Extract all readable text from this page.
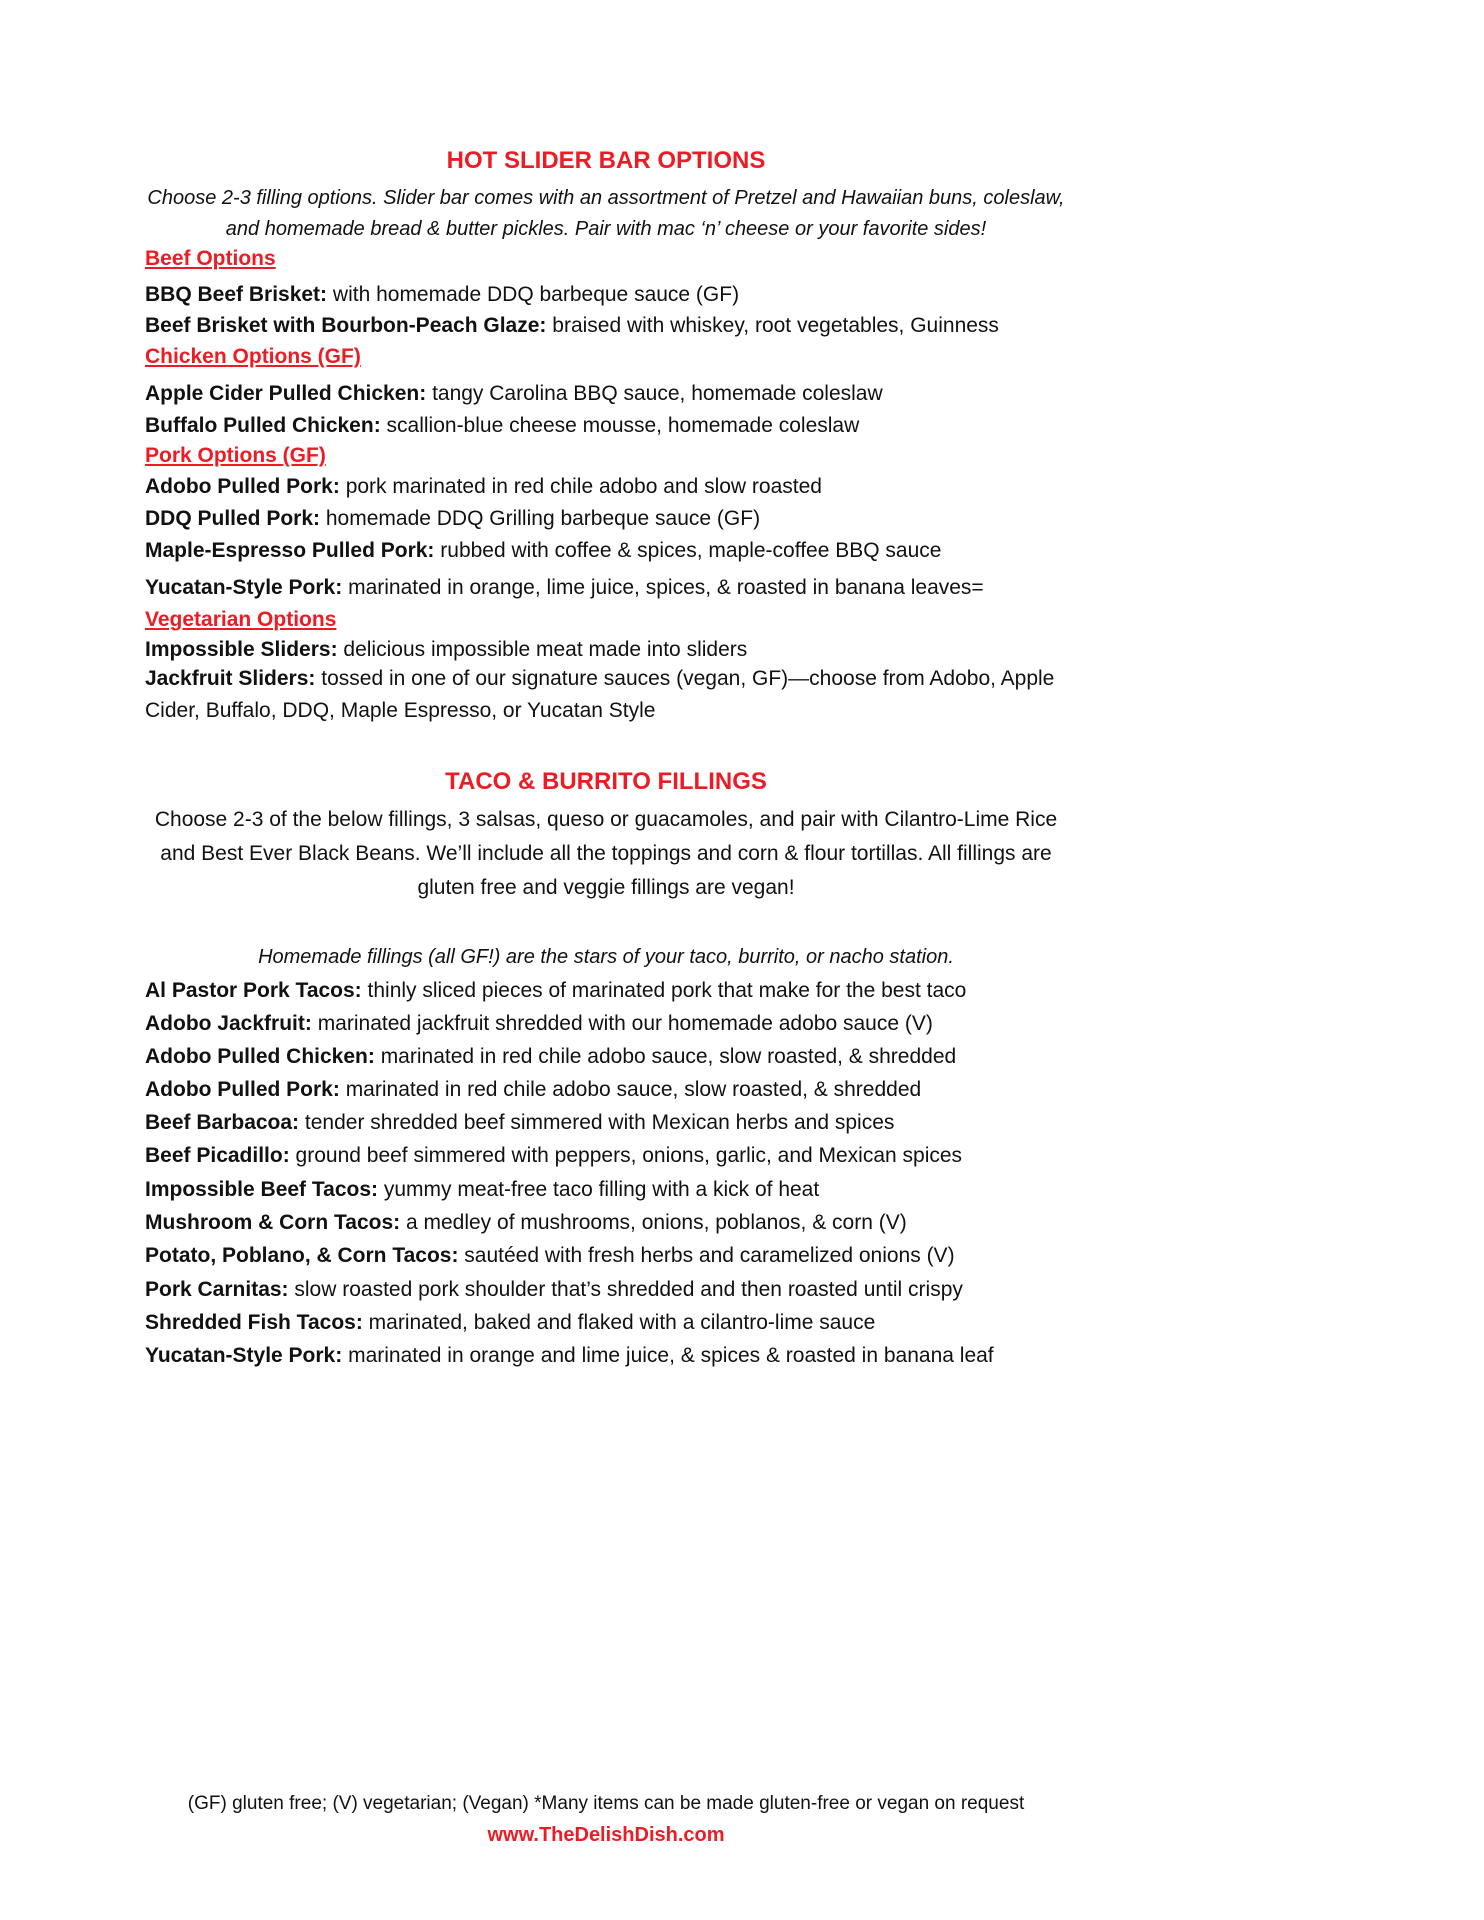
HOT SLIDER BAR OPTIONS
Choose 2-3 filling options. Slider bar comes with an assortment of Pretzel and Hawaiian buns, coleslaw,
and homemade bread & butter pickles. Pair with mac ‘n’ cheese or your favorite sides!
Beef Options

BBQ Beef Brisket: with homemade DDQ barbeque sauce (GF)

Beef Brisket with Bourbon-Peach Glaze: braised with whiskey, root vegetables, Guinness

Chicken Options (GF)

Apple Cider Pulled Chicken: tangy Carolina BBQ sauce, homemade coleslaw

Buffalo Pulled Chicken: scallion-blue cheese mousse, homemade coleslaw

Pork Options (GF)

Adobo Pulled Pork: pork marinated in red chile adobo and slow roasted

DDQ Pulled Pork: homemade DDQ Grilling barbeque sauce (GF)

Maple-Espresso Pulled Pork: rubbed with coffee & spices, maple-coffee BBQ sauce

Yucatan-Style Pork: marinated in orange, lime juice, spices, & roasted in banana leaves=

Vegetarian Options

Impossible Sliders: delicious impossible meat made into sliders

Jackfruit Sliders: tossed in one of our signature sauces (vegan, GF)—choose from Adobo, Apple Cider, Buffalo, DDQ, Maple Espresso, or Yucatan Style

TACO & BURRITO FILLINGS
Choose 2-3 of the below fillings, 3 salsas, queso or guacamoles, and pair with Cilantro-Lime Rice
and Best Ever Black Beans. We’ll include all the toppings and corn & flour tortillas. All fillings are
gluten free and veggie fillings are vegan!
Homemade fillings (all GF!) are the stars of your taco, burrito, or nacho station.

Al Pastor Pork Tacos: thinly sliced pieces of marinated pork that make for the best taco

Adobo Jackfruit: marinated jackfruit shredded with our homemade adobo sauce (V)

Adobo Pulled Chicken: marinated in red chile adobo sauce, slow roasted, & shredded

Adobo Pulled Pork: marinated in red chile adobo sauce, slow roasted, & shredded

Beef Barbacoa: tender shredded beef simmered with Mexican herbs and spices

Beef Picadillo: ground beef simmered with peppers, onions, garlic, and Mexican spices

Impossible Beef Tacos: yummy meat-free taco filling with a kick of heat

Mushroom & Corn Tacos: a medley of mushrooms, onions, poblanos, & corn (V)

Potato, Poblano, & Corn Tacos: sautéed with fresh herbs and caramelized onions (V)

Pork Carnitas: slow roasted pork shoulder that’s shredded and then roasted until crispy

Shredded Fish Tacos: marinated, baked and flaked with a cilantro-lime sauce

Yucatan-Style Pork: marinated in orange and lime juice, & spices & roasted in banana leaf

(GF) gluten free; (V) vegetarian; (Vegan) *Many items can be made gluten-free or vegan on request
www.TheDelishDish.com
